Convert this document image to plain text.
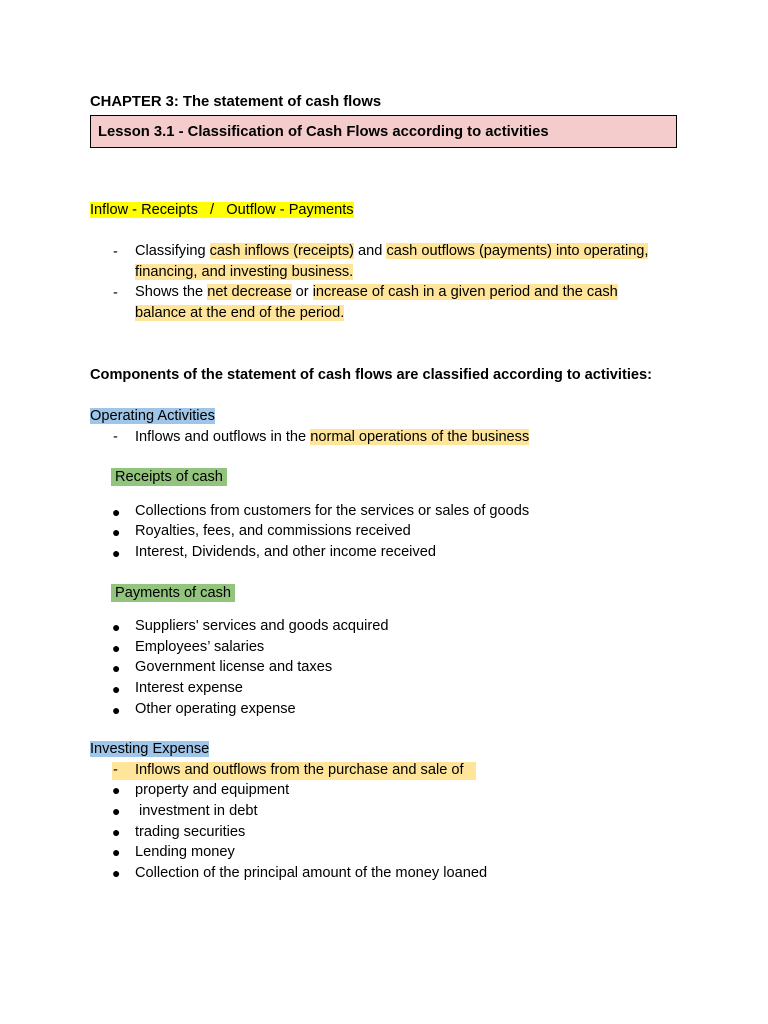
CHAPTER 3: The statement of cash flows
Lesson 3.1 - Classification of Cash Flows according to activities
Inflow - Receipts   /   Outflow - Payments
-	Classifying cash inflows (receipts) and cash outflows (payments) into operating,
financing, and investing business.
-	Shows the net decrease or increase of cash in a given period and the cash
balance at the end of the period.
Components of the statement of cash flows are classified according to activities:
Operating Activities
-	Inflows and outflows in the normal operations of the business
Receipts of cash
● Collections from customers for the services or sales of goods
● Royalties, fees, and commissions received
● Interest, Dividends, and other income received
Payments of cash
● Suppliers' services and goods acquired
● Employees’ salaries
● Government license and taxes
● Interest expense
● Other operating expense
Investing Expense
-	Inflows and outflows from the purchase and sale of
● property and equipment
● investment in debt
● trading securities
● Lending money
● Collection of the principal amount of the money loaned
